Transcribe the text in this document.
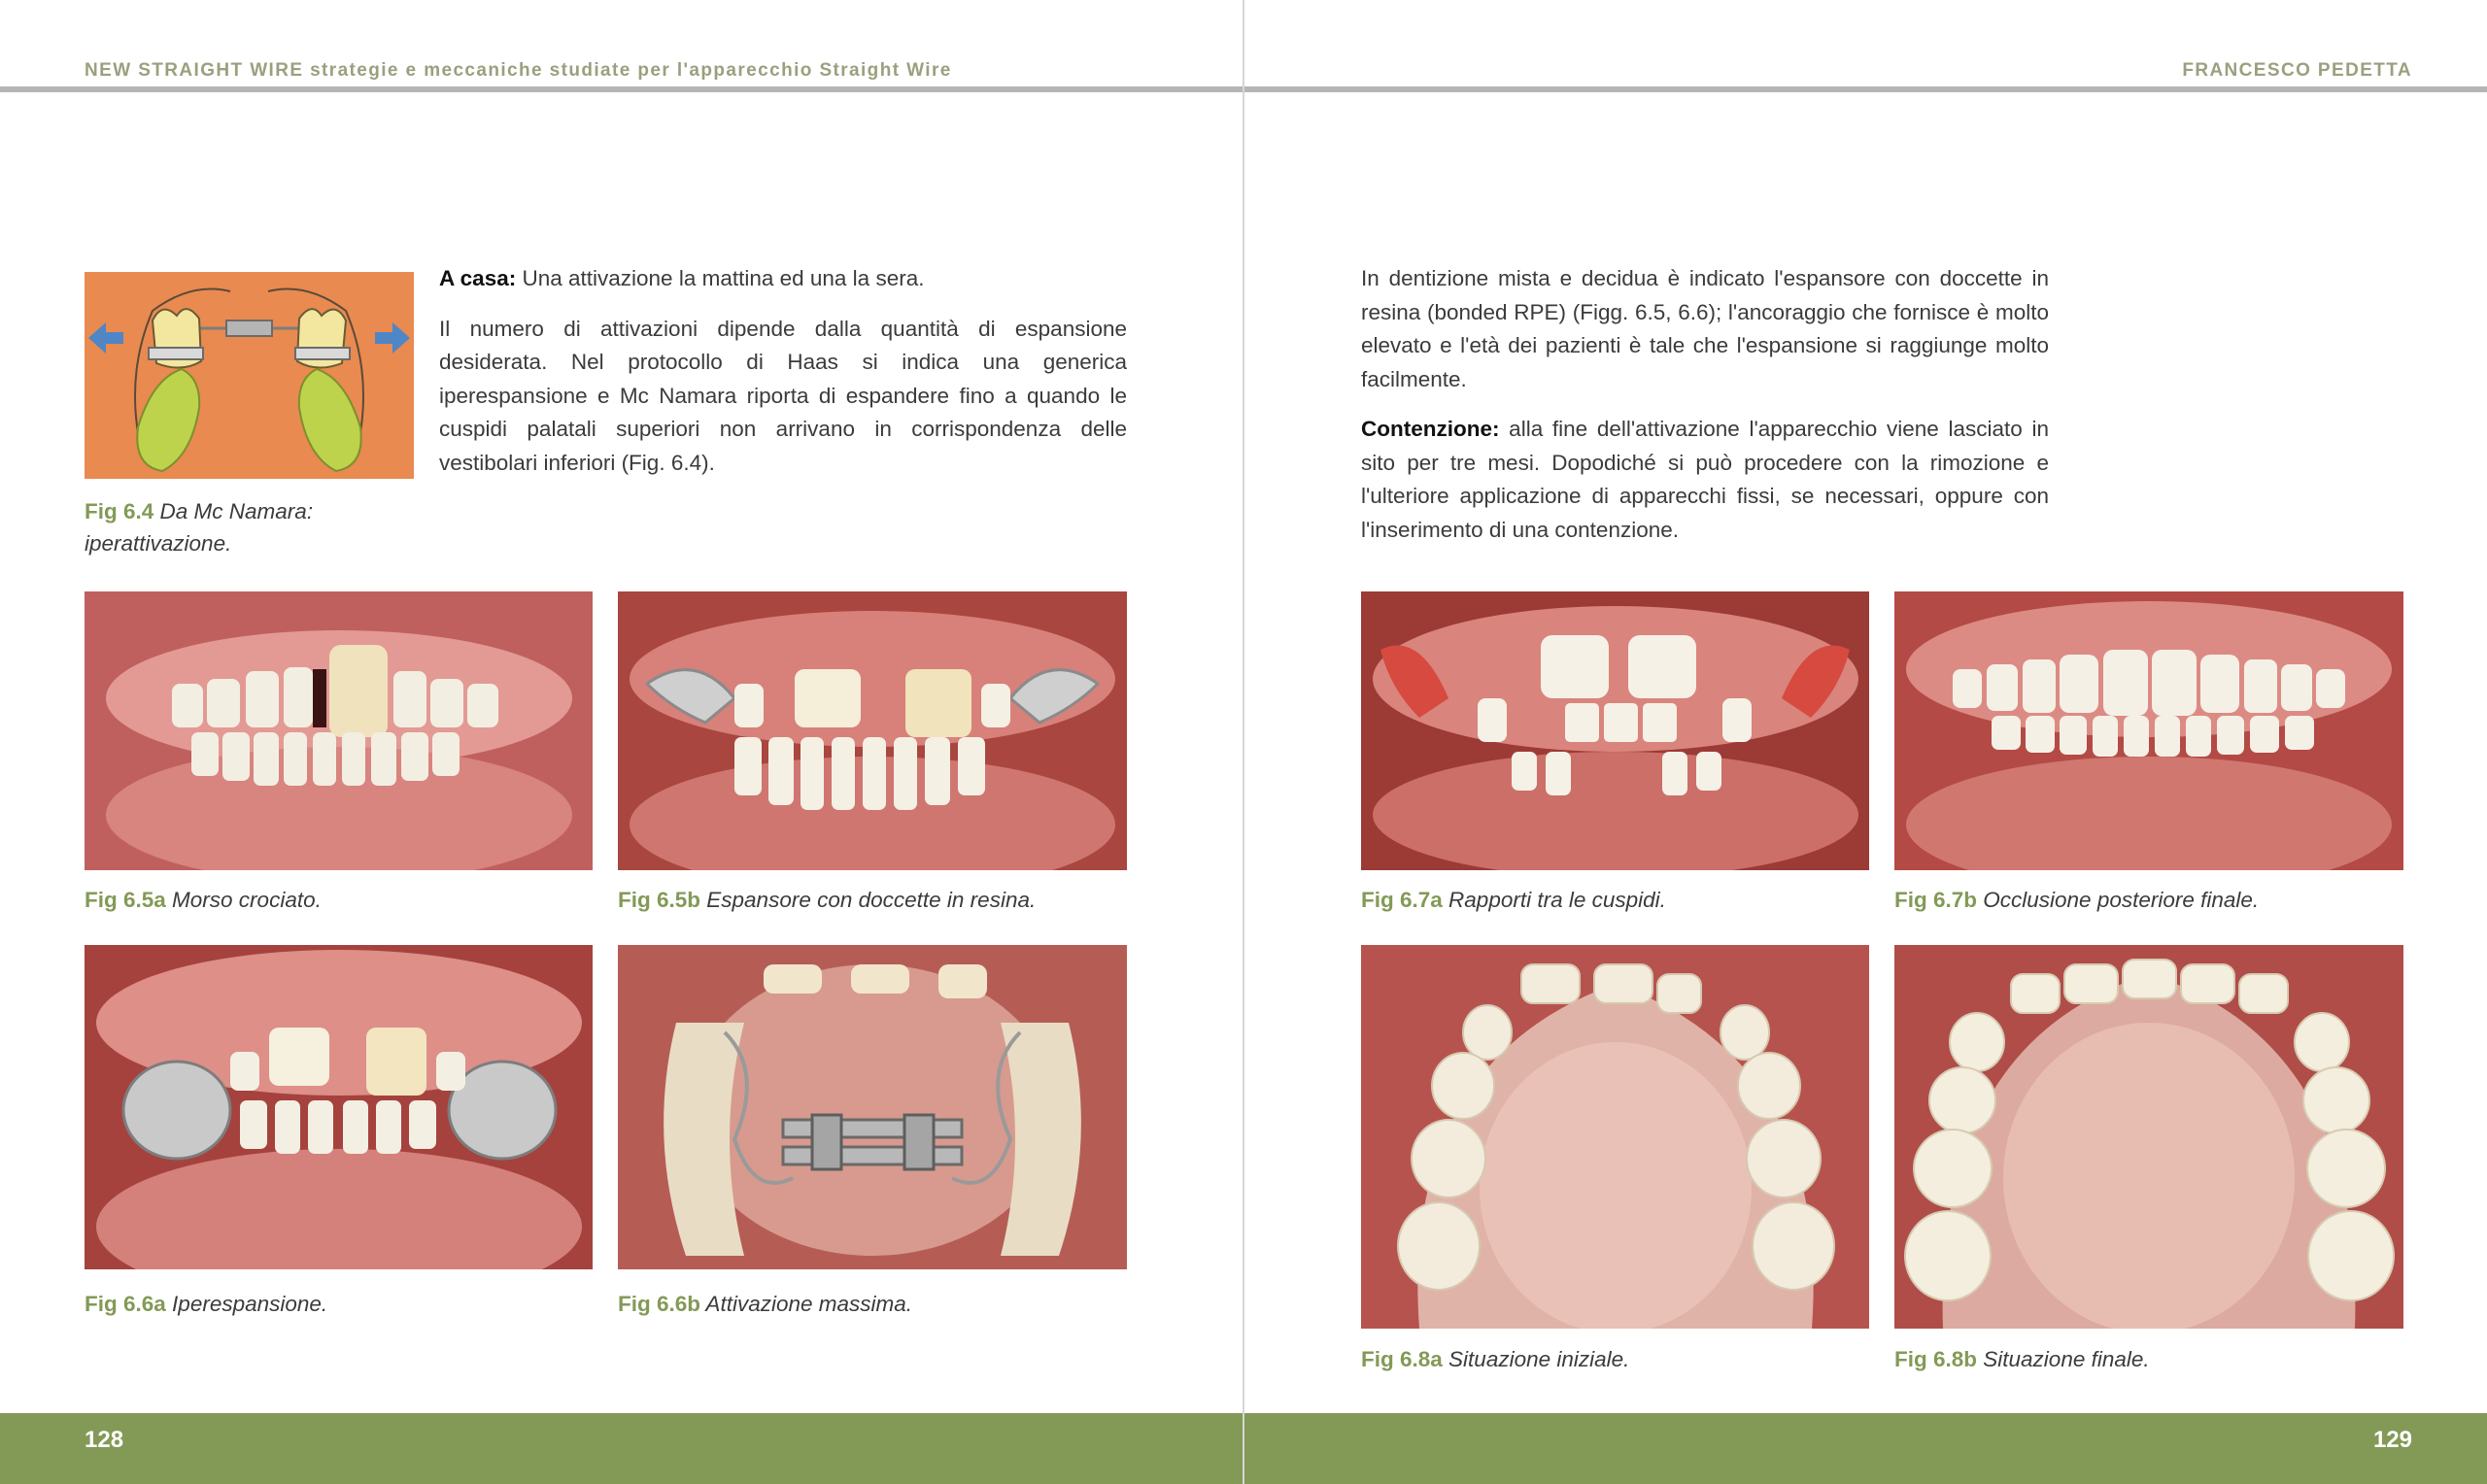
NEW STRAIGHT WIRE strategie e meccaniche studiate per l'apparecchio Straight Wire
Fig 6.4 Da Mc Namara:
iperattivazione.

A casa: Una attivazione la mattina ed una la sera.

Il numero di attivazioni dipende dalla quantità di espansione desiderata. Nel protocollo di Haas si indica una generica iperespansione e Mc Namara riporta di espandere fino a quando le cuspidi palatali superiori non arrivano in corrispondenza delle vestibolari inferiori (Fig. 6.4).

Fig 6.5a Morso crociato.	Fig 6.5b Espansore con doccette in resina.
Fig 6.6a Iperespansione.	Fig 6.6b Attivazione massima.
128
FRANCESCO PEDETTA

In dentizione mista e decidua è indicato l'espansore con doccette in resina (bonded RPE) (Figg. 6.5, 6.6); l'ancoraggio che fornisce è molto elevato e l'età dei pazienti è tale che l'espansione si raggiunge molto facilmente.

Contenzione: alla fine dell'attivazione l'apparecchio viene lasciato in sito per tre mesi. Dopodiché si può procedere con la rimozione e l'ulteriore applicazione di apparecchi fissi, se necessari, oppure con l'inserimento di una contenzione.

Fig 6.7a Rapporti tra le cuspidi.	Fig 6.7b Occlusione posteriore finale.
Fig 6.8a Situazione iniziale.	Fig 6.8b Situazione finale.
129
